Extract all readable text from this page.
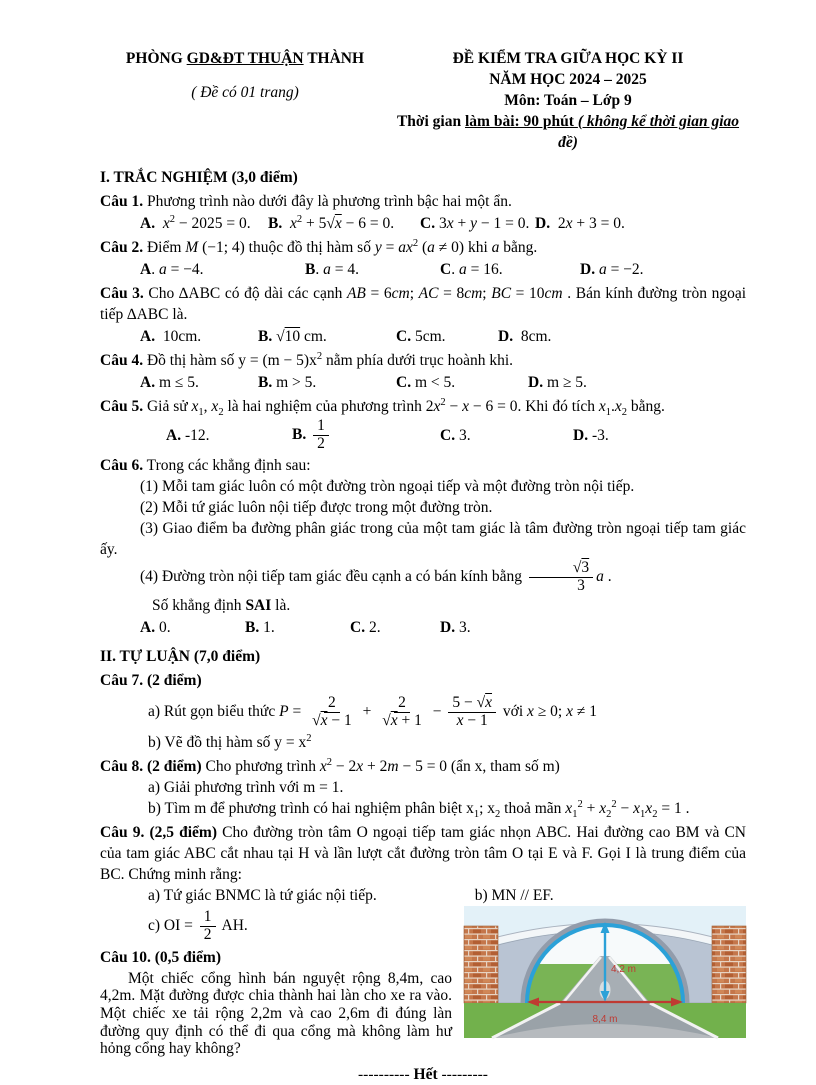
PHÒNG GD&ĐT THUẬN THÀNH
( Đề có 01 trang)
ĐỀ KIỂM TRA GIỮA HỌC KỲ II
NĂM HỌC 2024 – 2025
Môn: Toán – Lớp 9
Thời gian làm bài: 90 phút ( không kể thời gian giao đề)
I. TRẮC NGHIỆM (3,0 điểm)

Câu 1. Phương trình nào dưới đây là phương trình bậc hai một ẩn.

A. $x^2 - 2025 = 0$.	B. $x^2 + 5√x - 6 = 0$.	C. 3x + y − 1 = 0. D.  2x + 3 = 0.

Câu 2. Điểm M (−1; 4) thuộc đồ thị hàm số $y = ax^2$ (a ≠ 0) khi a bằng.

A. a = −4.	B. a = 4.	C. a = 16.	D. a = −2.

Câu 3. Cho ∆ABC có độ dài các cạnh AB = 6cm; AC = 8cm; BC = 10cm . Bán kính đường tròn ngoại tiếp ∆ABC là.

A.  10cm.	B. √10 cm.	C. 5cm.	D.  8cm.

Câu 4. Đồ thị hàm số $y = (m - 5)x^2$ nằm phía dưới trục hoành khi.

A. m ≤ 5.	B. m > 5.	C. m < 5.	D. m ≥ 5.

Câu 5. Giả sử $x_1$, $x_2$ là hai nghiệm của phương trình $2x^2 - x - 6 = 0$. Khi đó tích $x_1.x_2$ bằng.

A. -12.	B. $\frac{1}{2}$	C. 3.	D. -3.

Câu 6. Trong các khẳng định sau:

(1) Mỗi tam giác luôn có một đường tròn ngoại tiếp và một đường tròn nội tiếp.

(2) Mỗi tứ giác luôn nội tiếp được trong một đường tròn.

(3) Giao điểm ba đường phân giác trong của một tam giác là tâm đường tròn ngoại tiếp tam giác ấy.

(4) Đường tròn nội tiếp tam giác đều cạnh a có bán kính bằng $\frac{√3}{3}$ a .

Số khẳng định SAI là.

A. 0.	B. 1.	C. 2.	D. 3.
II. TỰ LUẬN (7,0 điểm)

Câu 7. (2 điểm)

a) Rút gọn biểu thức $P = \frac{2}{√x - 1} + \frac{2}{√x + 1} - \frac{5 - √x}{x - 1}$ với x ≥ 0; x ≠ 1

b) Vẽ đồ thị hàm số $y = x^2$

Câu 8. (2 điểm) Cho phương trình $x^2 - 2x + 2m - 5 = 0$ (ẩn x, tham số m)

a) Giải phương trình với m = 1.

b) Tìm m để phương trình có hai nghiệm phân biệt $x_1$; $x_2$ thoả mãn $x_1^2 + x_2^2 - x_1x_2 = 1$ .

Câu 9. (2,5 điểm) Cho đường tròn tâm O ngoại tiếp tam giác nhọn ABC. Hai đường cao BM và CN của tam giác ABC cắt nhau tại H và lần lượt cắt đường tròn tâm O tại E và F. Gọi I là trung điểm của BC. Chứng minh rằng:

a) Tứ giác BNMC là tứ giác nội tiếp.	b) MN // EF.

c) OI = $\frac{1}{2}$ AH.

Câu 10. (0,5 điểm)

Một chiếc cổng hình bán nguyệt rộng 8,4m, cao 4,2m. Mặt đường được chia thành hai làn cho xe ra vào. Một chiếc xe tải rộng 2,2m và cao 2,6m đi đúng làn đường quy định có thể đi qua cổng mà không làm hư hỏng cổng hay không?

4,2 m
8,4 m
---------- Hết ---------
